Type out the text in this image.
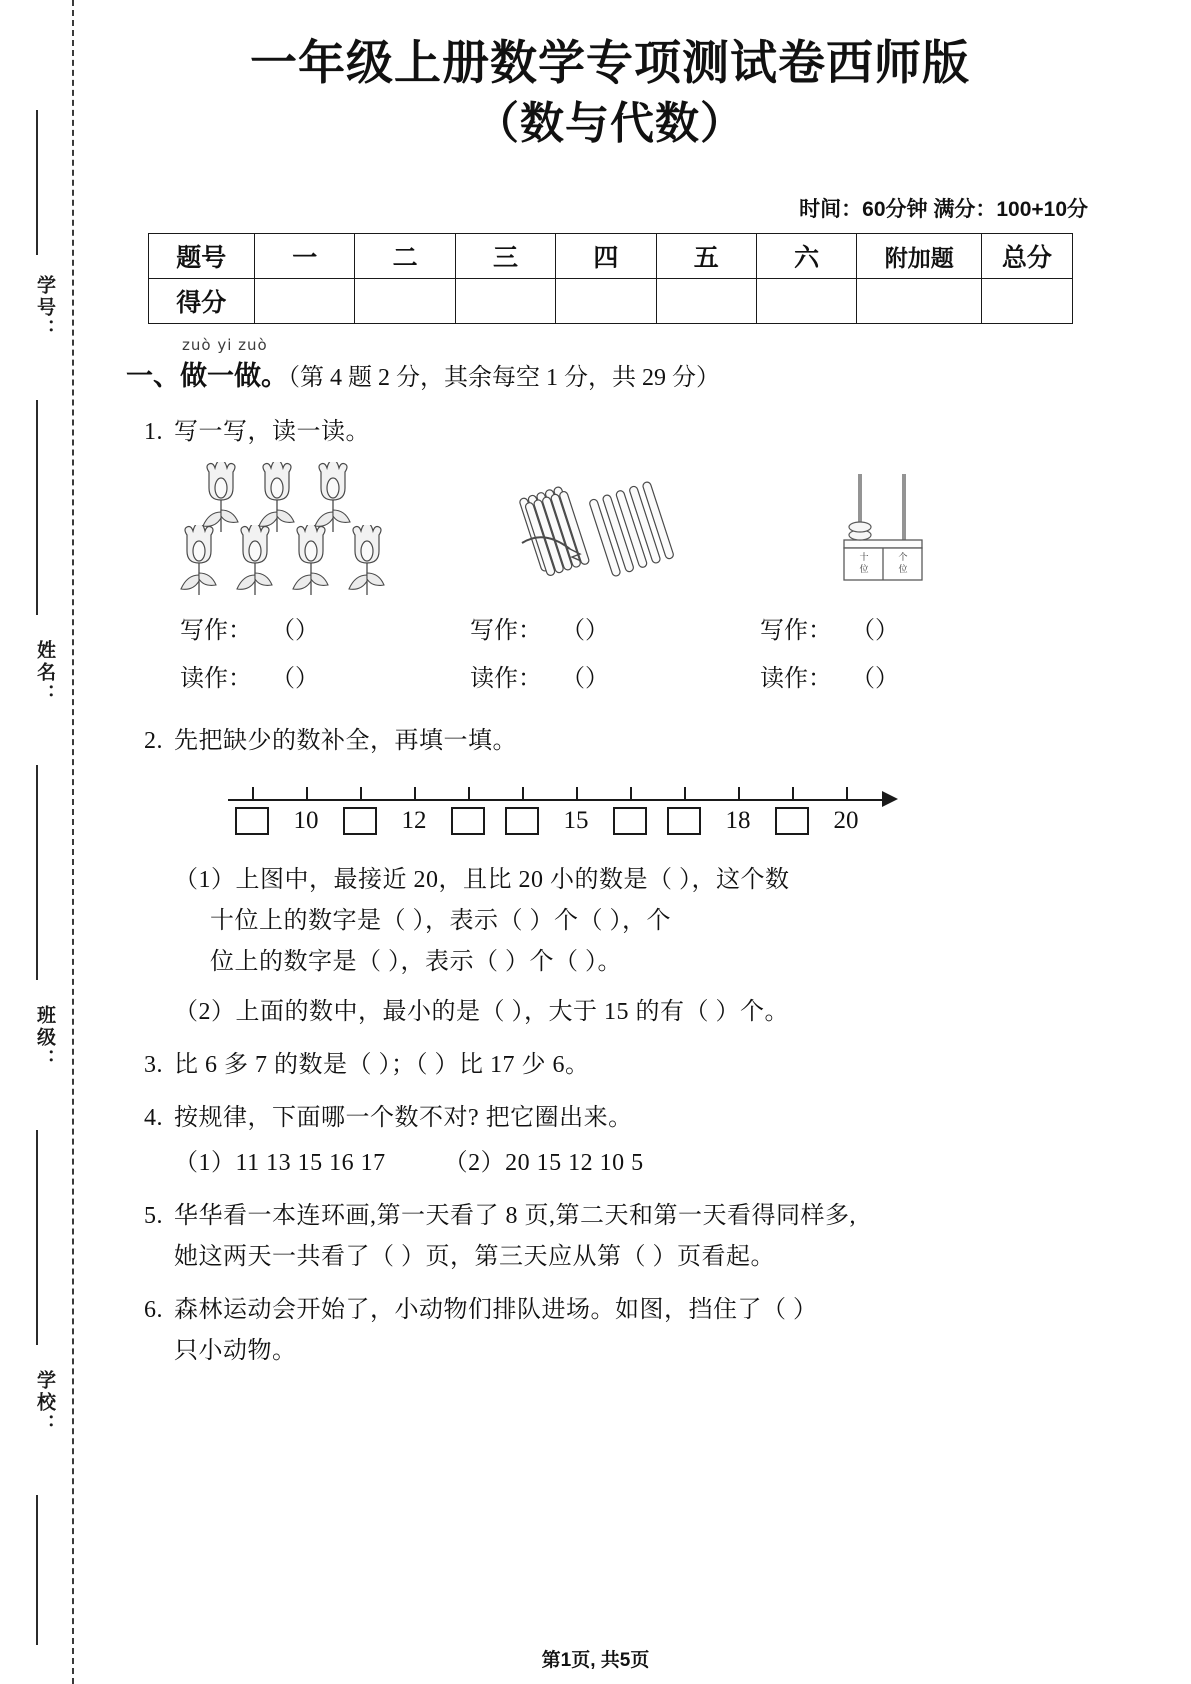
学号：
姓名：
班级：
学校：
一年级上册数学专项测试卷西师版
（数与代数）
时间：60分钟 满分：100+10分
题号	一	二	三	四	五	六	附加题	总分
得分								
zuò yi zuò
一、做一做。（第 4 题 2 分，其余每空 1 分，共 29 分）
1. 写一写，读一读。
十
位
个
位
写作： （ ）	写作： （ ）	写作：（ ）
读作： （ ）	读作： （ ）	读作：（ ）
2. 先把缺少的数补全，再填一填。
10	12	15	18	20
（1）上图中，最接近 20，且比 20 小的数是（ ），这个数
十位上的数字是（ ），表示（ ）个（ ），个
位上的数字是（ ），表示（ ）个（ ）。
（2）上面的数中，最小的是（ ），大于 15 的有（ ）个。
3. 比 6 多 7 的数是（ ）；（ ）比 17 少 6。
4. 按规律，下面哪一个数不对? 把它圈出来。
（1）11 13 15 16 17 （2）20 15 12 10 5
5. 华华看一本连环画,第一天看了 8 页,第二天和第一天看得同样多,
她这两天一共看了（ ）页，第三天应从第（ ）页看起。
6. 森林运动会开始了，小动物们排队进场。如图，挡住了（ ）
只小动物。
第1页, 共5页
